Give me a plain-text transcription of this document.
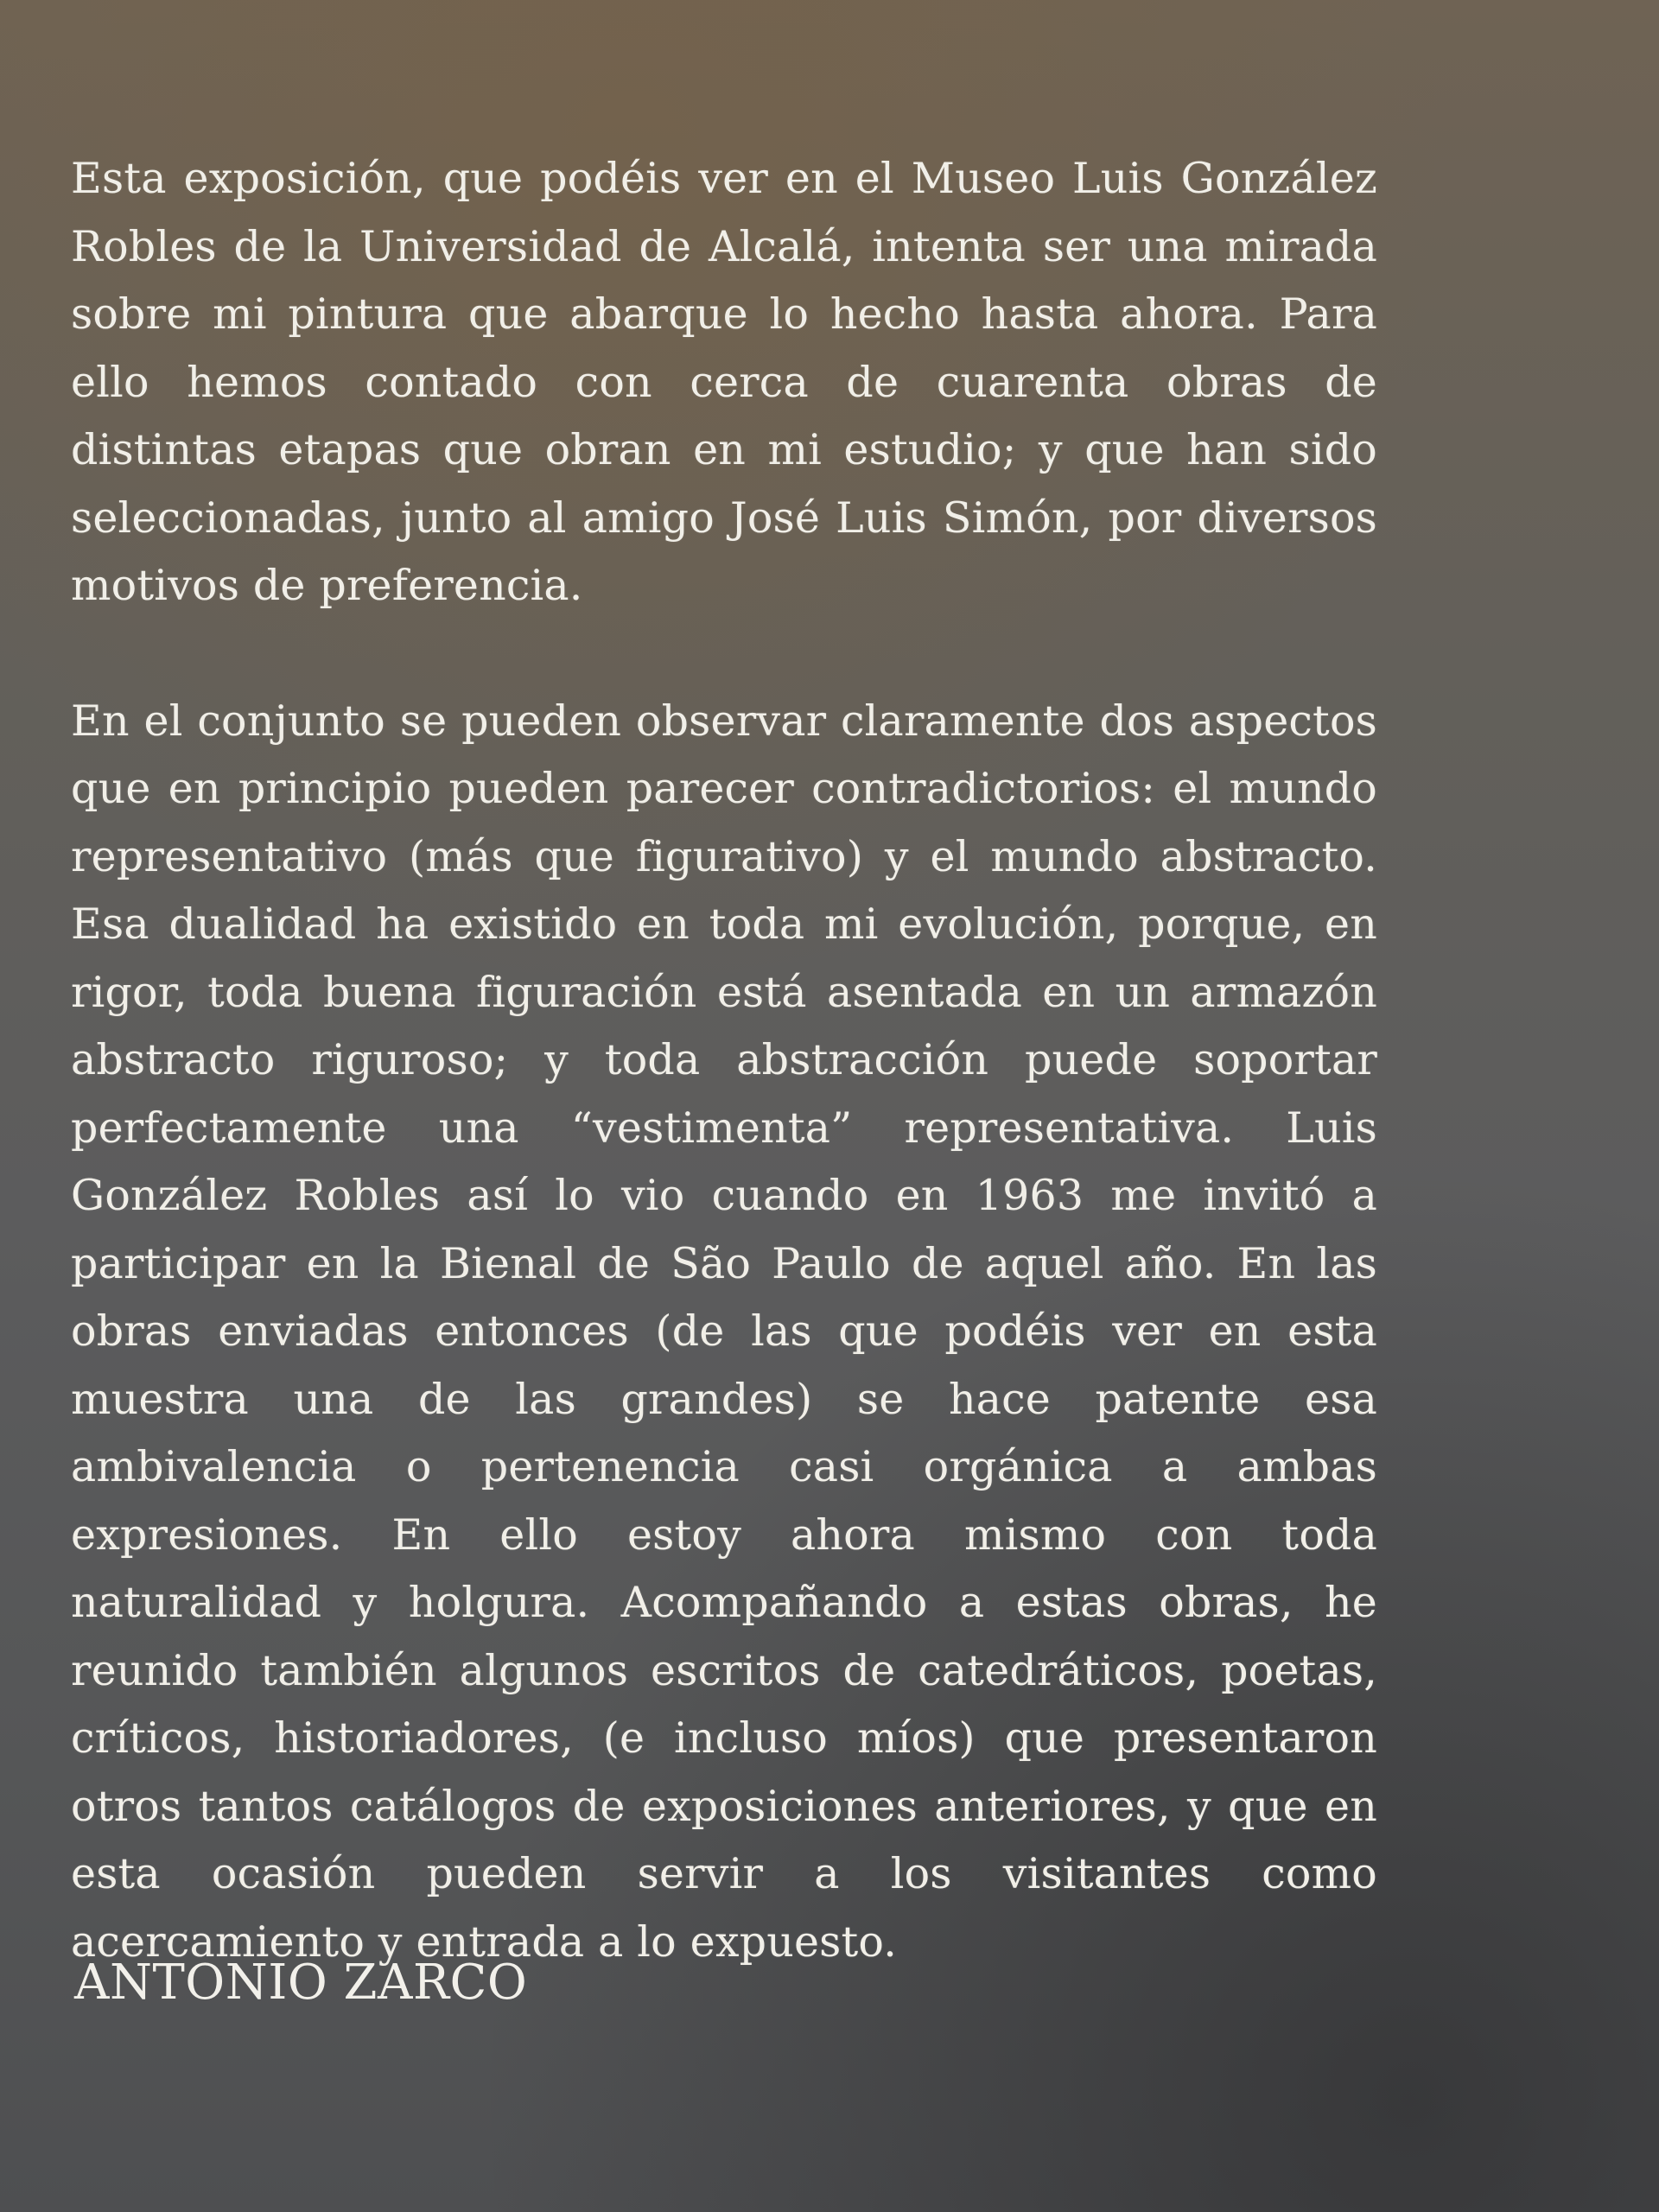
Esta exposición, que podéis ver en el Museo Luis González Robles de la Universidad de Alcalá, intenta ser una mirada sobre mi pintura que abarque lo hecho hasta ahora. Para ello hemos contado con cerca de cuarenta obras de distintas etapas que obran en mi estudio; y que han sido seleccionadas, junto al amigo José Luis Simón, por diversos motivos de preferencia.

En el conjunto se pueden observar claramente dos aspectos que en principio pueden parecer contradictorios: el mundo representativo (más que figurativo) y el mundo abstracto. Esa dualidad ha existido en toda mi evolución, porque, en rigor, toda buena figuración está asentada en un armazón abstracto riguroso; y toda abstracción puede soportar perfectamente una “vestimenta” representativa. Luis González Robles así lo vio cuando en 1963 me invitó a participar en la Bienal de São Paulo de aquel año. En las obras enviadas entonces (de las que podéis ver en esta muestra una de las grandes) se hace patente esa ambivalencia o pertenencia casi orgánica a ambas expresiones. En ello estoy ahora mismo con toda naturalidad y holgura. Acompañando a estas obras, he reunido también algunos escritos de catedráticos, poetas, críticos, historiadores, (e incluso míos) que presentaron otros tantos catálogos de exposiciones anteriores, y que en esta ocasión pueden servir a los visitantes como acercamiento y entrada a lo expuesto.

ANTONIO ZARCO
